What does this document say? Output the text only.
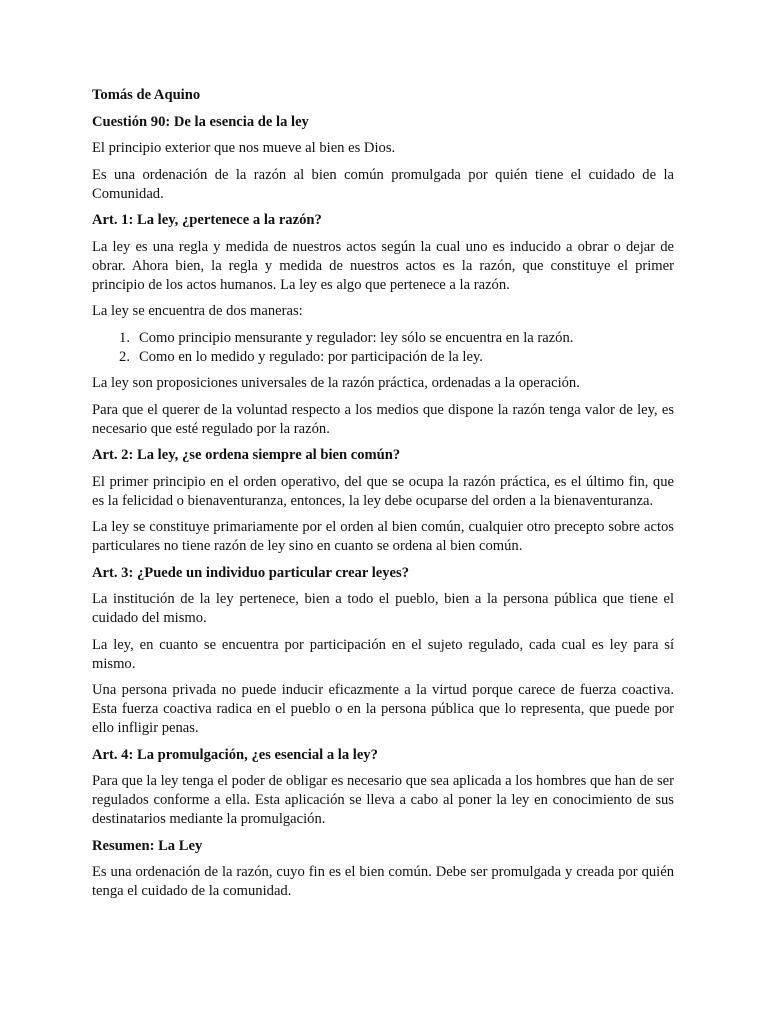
Tomás de Aquino

Cuestión 90: De la esencia de la ley

El principio exterior que nos mueve al bien es Dios.

Es una ordenación de la razón al bien común promulgada por quién tiene el cuidado de la Comunidad.

Art. 1: La ley, ¿pertenece a la razón?

La ley es una regla y medida de nuestros actos según la cual uno es inducido a obrar o dejar de obrar. Ahora bien, la regla y medida de nuestros actos es la razón, que constituye el primer principio de los actos humanos. La ley es algo que pertenece a la razón.

La ley se encuentra de dos maneras:

1. Como principio mensurante y regulador: ley sólo se encuentra en la razón.
2. Como en lo medido y regulado: por participación de la ley.

La ley son proposiciones universales de la razón práctica, ordenadas a la operación.

Para que el querer de la voluntad respecto a los medios que dispone la razón tenga valor de ley, es necesario que esté regulado por la razón.

Art. 2: La ley, ¿se ordena siempre al bien común?

El primer principio en el orden operativo, del que se ocupa la razón práctica, es el último fin, que es la felicidad o bienaventuranza, entonces, la ley debe ocuparse del orden a la bienaventuranza.

La ley se constituye primariamente por el orden al bien común, cualquier otro precepto sobre actos particulares no tiene razón de ley sino en cuanto se ordena al bien común.

Art. 3: ¿Puede un individuo particular crear leyes?

La institución de la ley pertenece, bien a todo el pueblo, bien a la persona pública que tiene el cuidado del mismo.

La ley, en cuanto se encuentra por participación en el sujeto regulado, cada cual es ley para sí mismo.

Una persona privada no puede inducir eficazmente a la virtud porque carece de fuerza coactiva. Esta fuerza coactiva radica en el pueblo o en la persona pública que lo representa, que puede por ello infligir penas.

Art. 4: La promulgación, ¿es esencial a la ley?

Para que la ley tenga el poder de obligar es necesario que sea aplicada a los hombres que han de ser regulados conforme a ella. Esta aplicación se lleva a cabo al poner la ley en conocimiento de sus destinatarios mediante la promulgación.

Resumen: La Ley

Es una ordenación de la razón, cuyo fin es el bien común. Debe ser promulgada y creada por quién tenga el cuidado de la comunidad.
